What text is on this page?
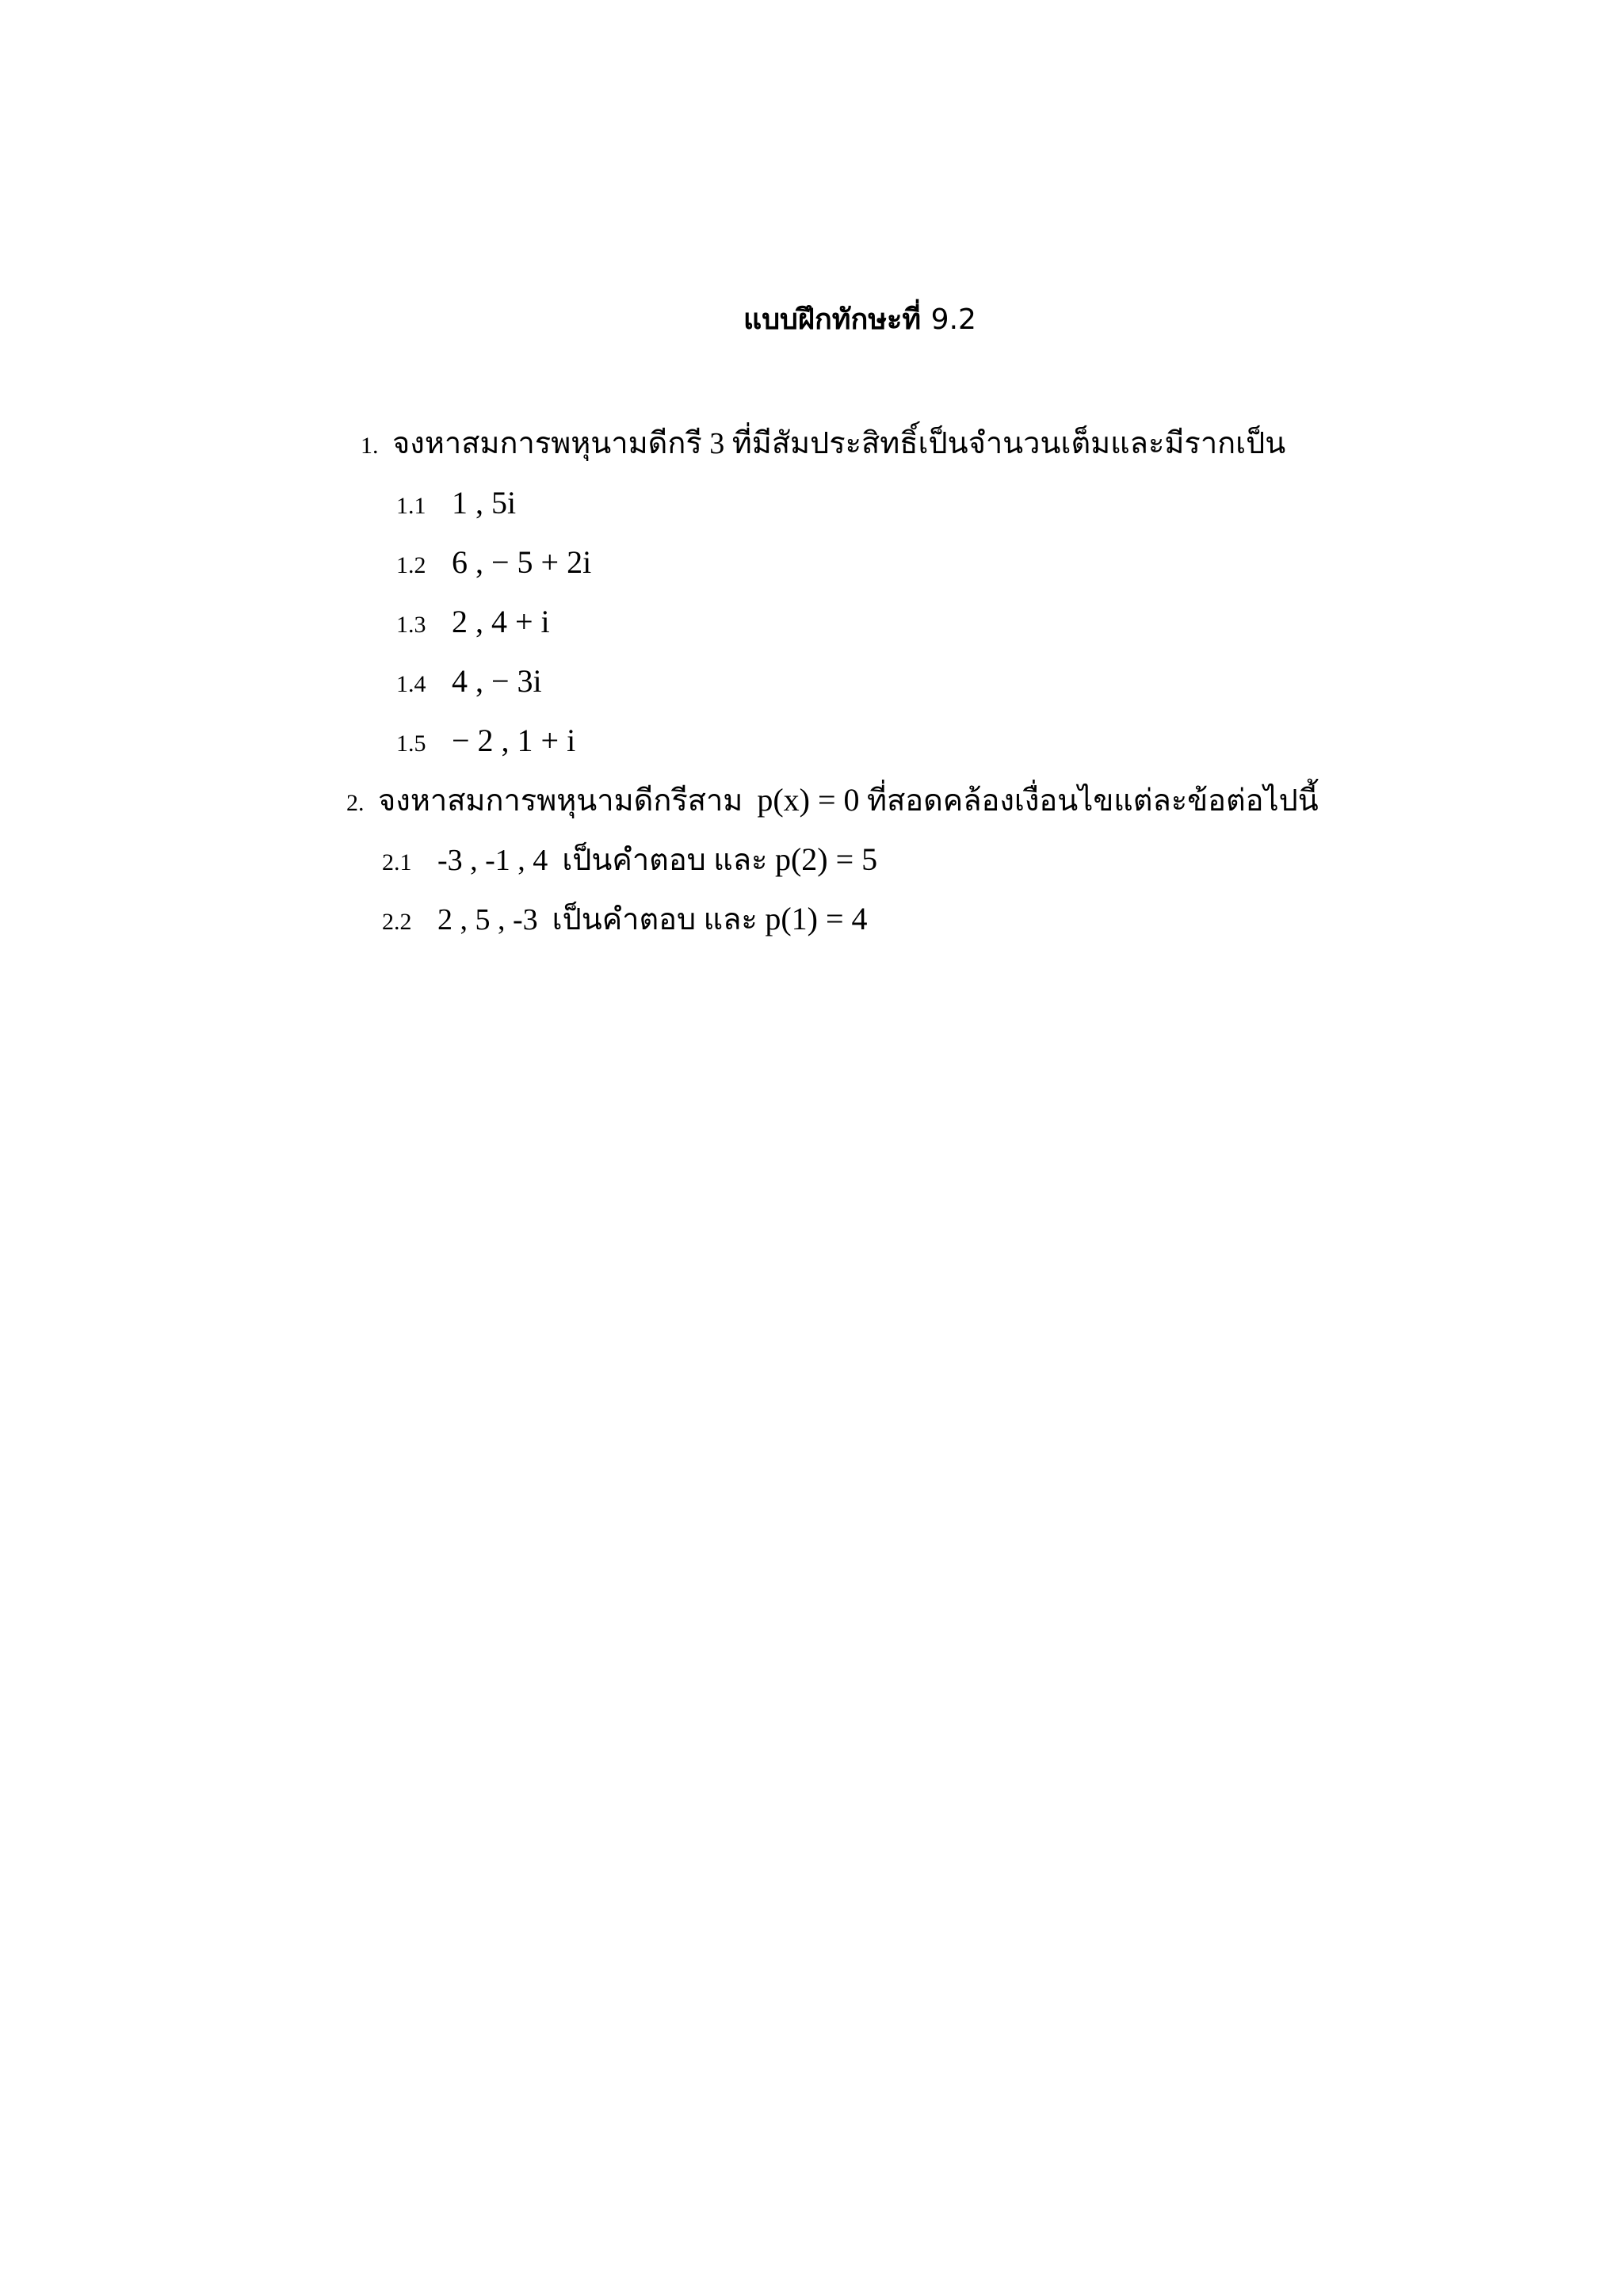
แบบฝึกทักษะที่ 9.2
1. จงหาสมการพหุนามดีกรี 3 ที่มีสัมประสิทธิ์เป็นจำนวนเต็มและมีรากเป็น
1.1 1 , 5i
1.2 6 , − 5 + 2i
1.3 2 , 4 + i
1.4 4 , − 3i
1.5 − 2 , 1 + i
2. จงหาสมการพหุนามดีกรีสาม p(x) = 0 ที่สอดคล้องเงื่อนไขแต่ละข้อต่อไปนี้
2.1 -3 , -1 , 4 เป็นคำตอบ และ p(2) = 5
2.2 2 , 5 , -3 เป็นคำตอบ และ p(1) = 4
